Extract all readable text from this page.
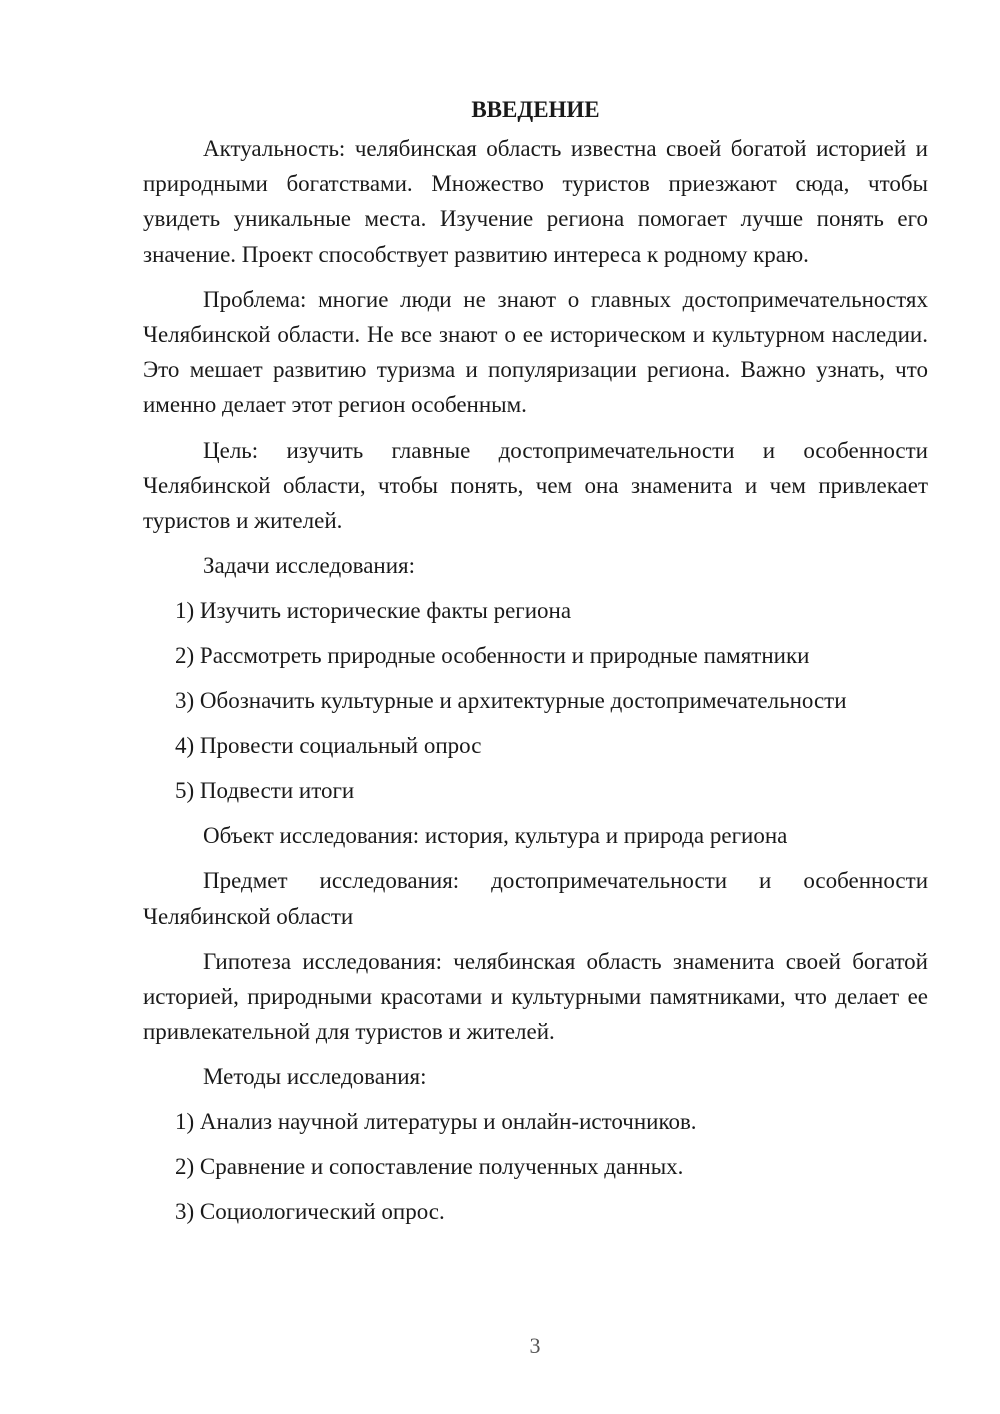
ВВЕДЕНИЕ

Актуальность: челябинская область известна своей богатой историей и природными богатствами. Множество туристов приезжают сюда, чтобы увидеть уникальные места. Изучение региона помогает лучше понять его значение. Проект способствует развитию интереса к родному краю.

Проблема: многие люди не знают о главных достопримечательностях Челябинской области. Не все знают о ее историческом и культурном наследии. Это мешает развитию туризма и популяризации региона. Важно узнать, что именно делает этот регион особенным.

Цель: изучить главные достопримечательности и особенности Челябинской области, чтобы понять, чем она знаменита и чем привлекает туристов и жителей.

Задачи исследования:
1) Изучить исторические факты региона
2) Рассмотреть природные особенности и природные памятники
3) Обозначить культурные и архитектурные достопримечательности
4) Провести социальный опрос
5) Подвести итоги

Объект исследования: история, культура и природа региона

Предмет исследования: достопримечательности и особенности Челябинской области

Гипотеза исследования: челябинская область знаменита своей богатой историей, природными красотами и культурными памятниками, что делает ее привлекательной для туристов и жителей.

Методы исследования:
1) Анализ научной литературы и онлайн-источников.
2) Сравнение и сопоставление полученных данных.
3) Социологический опрос.
3
